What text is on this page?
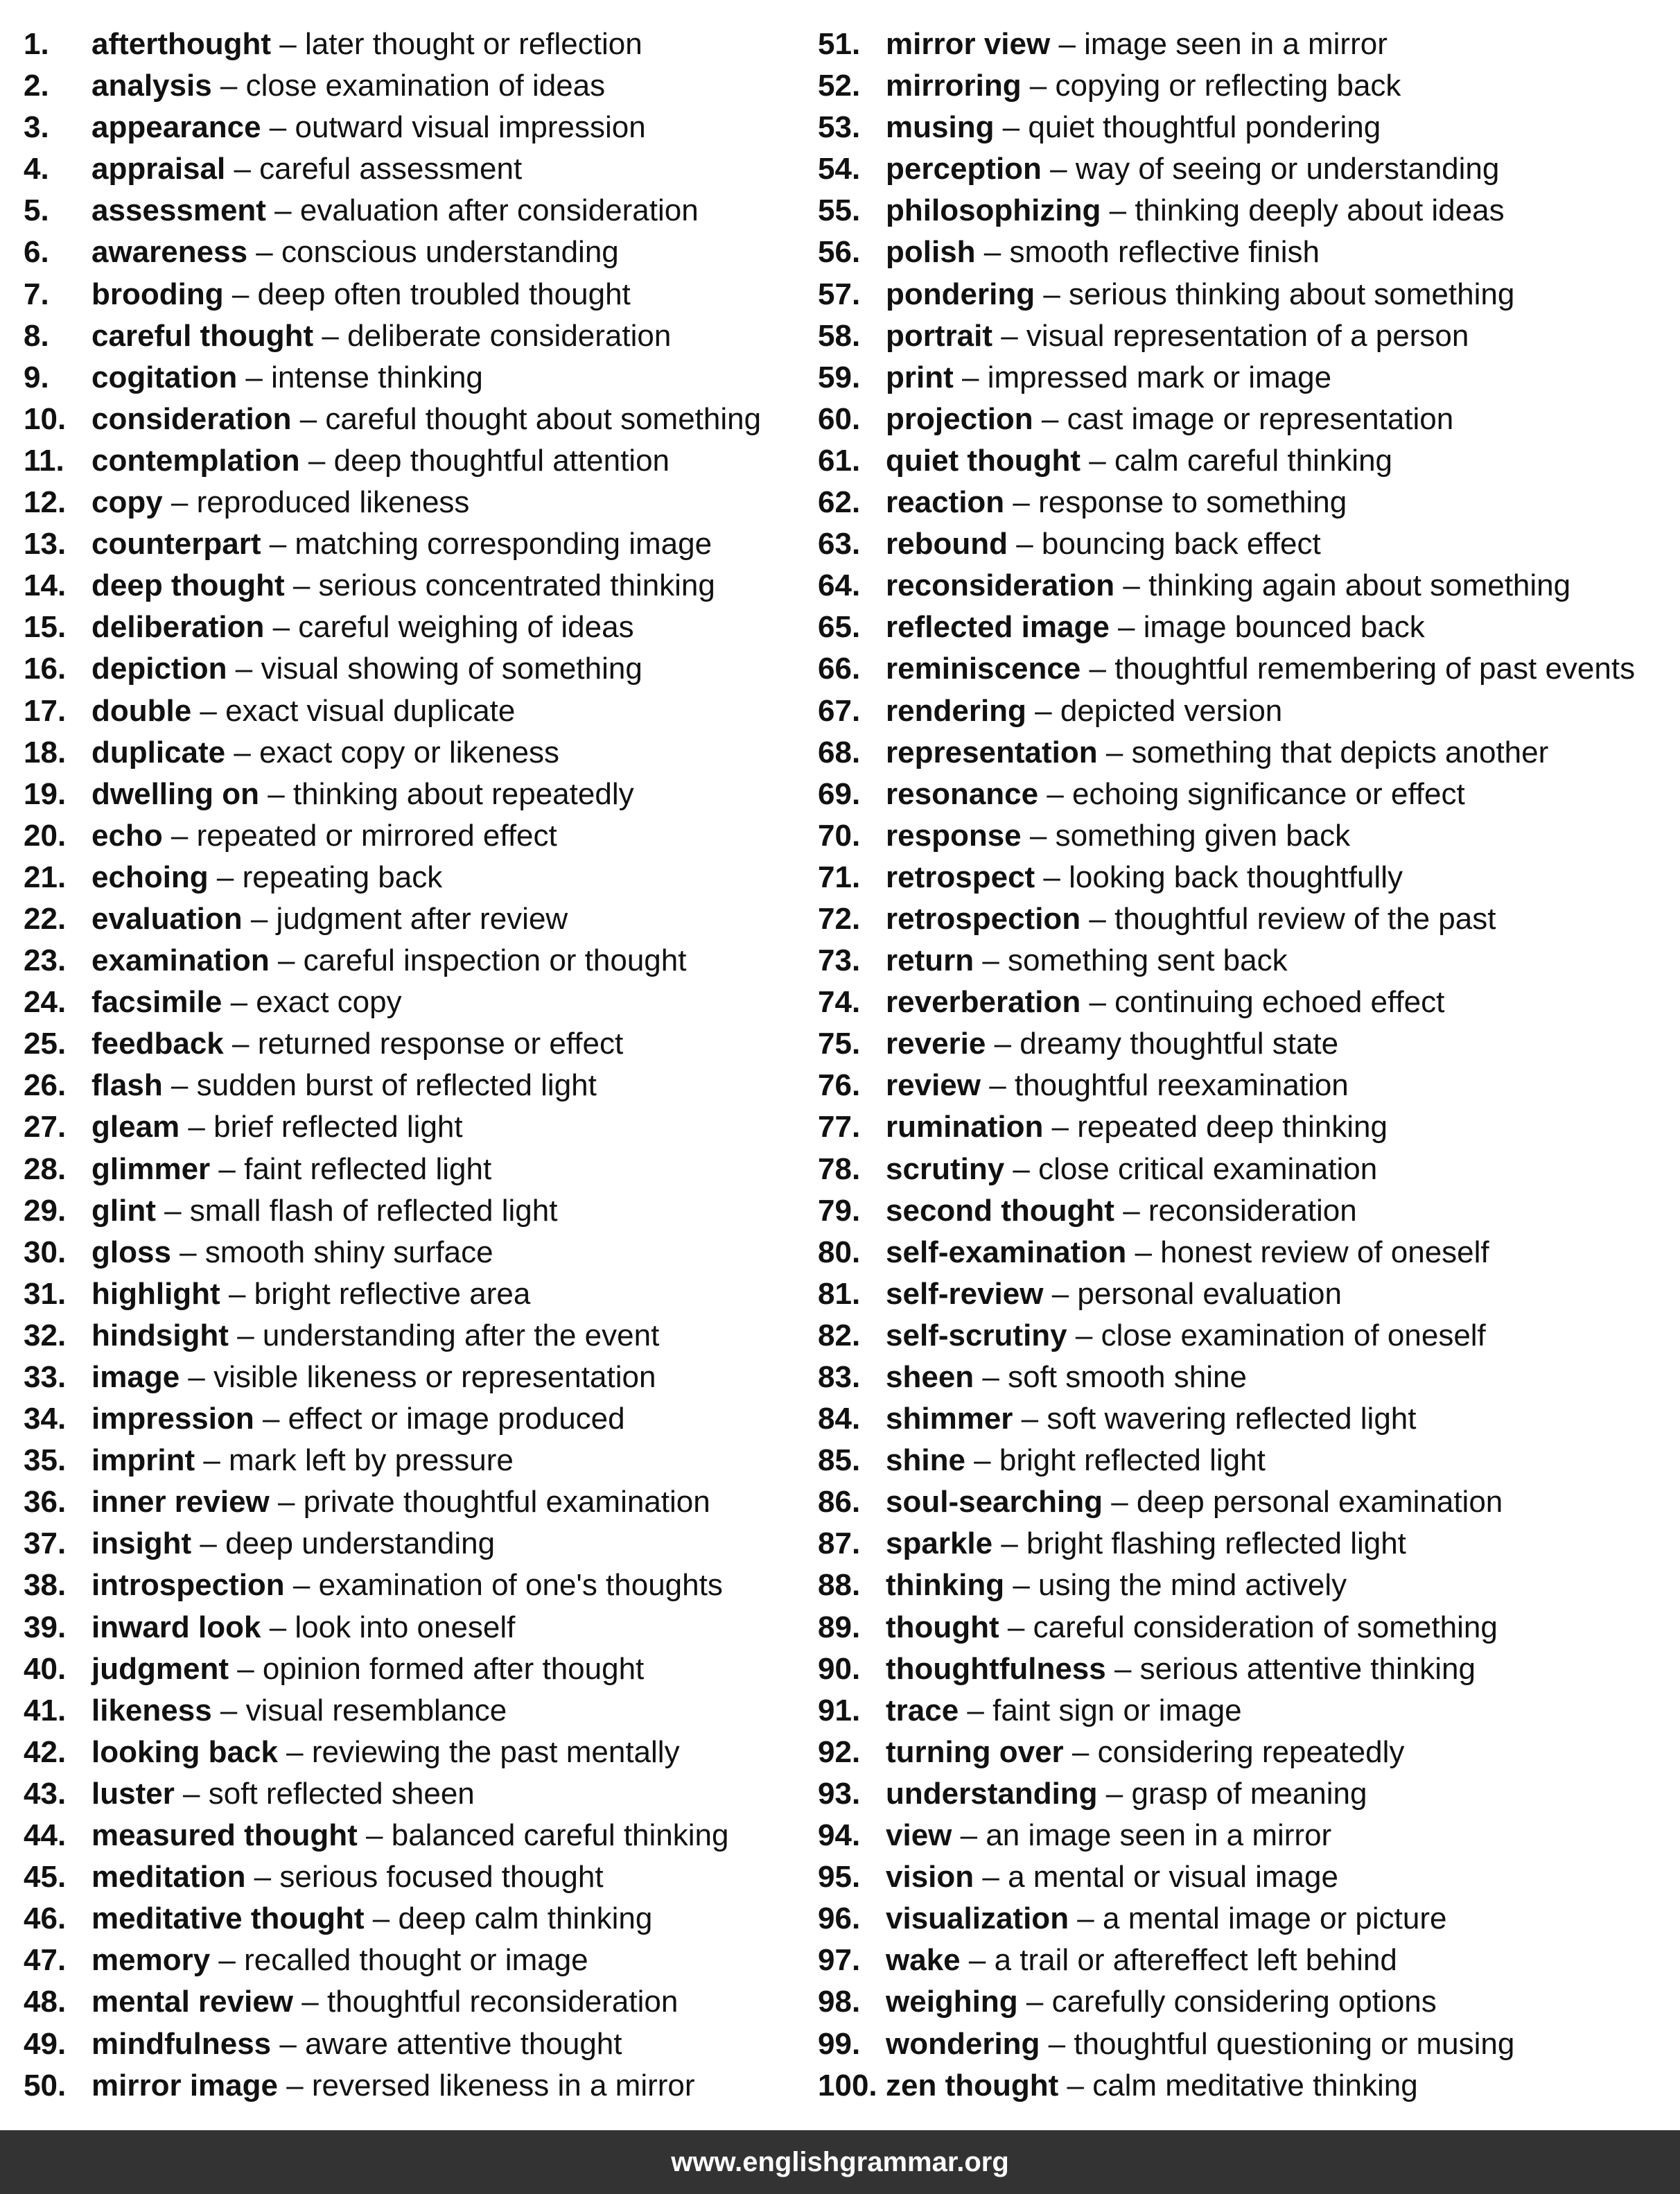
1.	afterthought – later thought or reflection
2.	analysis – close examination of ideas
3.	appearance – outward visual impression
4.	appraisal – careful assessment
5.	assessment – evaluation after consideration
6.	awareness – conscious understanding
7.	brooding – deep often troubled thought
8.	careful thought – deliberate consideration
9.	cogitation – intense thinking
10. consideration – careful thought about something
11. contemplation – deep thoughtful attention
12. copy – reproduced likeness
13. counterpart – matching corresponding image
14. deep thought – serious concentrated thinking
15. deliberation – careful weighing of ideas
16. depiction – visual showing of something
17. double – exact visual duplicate
18. duplicate – exact copy or likeness
19. dwelling on – thinking about repeatedly
20. echo – repeated or mirrored effect
21. echoing – repeating back
22. evaluation – judgment after review
23. examination – careful inspection or thought
24. facsimile – exact copy
25. feedback – returned response or effect
26. flash – sudden burst of reflected light
27. gleam – brief reflected light
28. glimmer – faint reflected light
29. glint – small flash of reflected light
30. gloss – smooth shiny surface
31. highlight – bright reflective area
32. hindsight – understanding after the event
33. image – visible likeness or representation
34. impression – effect or image produced
35. imprint – mark left by pressure
36. inner review – private thoughtful examination
37. insight – deep understanding
38. introspection – examination of one's thoughts
39. inward look – look into oneself
40. judgment – opinion formed after thought
41. likeness – visual resemblance
42. looking back – reviewing the past mentally
43. luster – soft reflected sheen
44. measured thought – balanced careful thinking
45. meditation – serious focused thought
46. meditative thought – deep calm thinking
47. memory – recalled thought or image
48. mental review – thoughtful reconsideration
49. mindfulness – aware attentive thought
50. mirror image – reversed likeness in a mirror
51. mirror view – image seen in a mirror
52. mirroring – copying or reflecting back
53. musing – quiet thoughtful pondering
54. perception – way of seeing or understanding
55. philosophizing – thinking deeply about ideas
56. polish – smooth reflective finish
57. pondering – serious thinking about something
58. portrait – visual representation of a person
59. print – impressed mark or image
60. projection – cast image or representation
61. quiet thought – calm careful thinking
62. reaction – response to something
63. rebound – bouncing back effect
64. reconsideration – thinking again about something
65. reflected image – image bounced back
66. reminiscence – thoughtful remembering of past events
67. rendering – depicted version
68. representation – something that depicts another
69. resonance – echoing significance or effect
70. response – something given back
71. retrospect – looking back thoughtfully
72. retrospection – thoughtful review of the past
73. return – something sent back
74. reverberation – continuing echoed effect
75. reverie – dreamy thoughtful state
76. review – thoughtful reexamination
77. rumination – repeated deep thinking
78. scrutiny – close critical examination
79. second thought – reconsideration
80. self-examination – honest review of oneself
81. self-review – personal evaluation
82. self-scrutiny – close examination of oneself
83. sheen – soft smooth shine
84. shimmer – soft wavering reflected light
85. shine – bright reflected light
86. soul-searching – deep personal examination
87. sparkle – bright flashing reflected light
88. thinking – using the mind actively
89. thought – careful consideration of something
90. thoughtfulness – serious attentive thinking
91. trace – faint sign or image
92. turning over – considering repeatedly
93. understanding – grasp of meaning
94. view – an image seen in a mirror
95. vision – a mental or visual image
96. visualization – a mental image or picture
97. wake – a trail or aftereffect left behind
98. weighing – carefully considering options
99. wondering – thoughtful questioning or musing
100. zen thought – calm meditative thinking
www.englishgrammar.org
